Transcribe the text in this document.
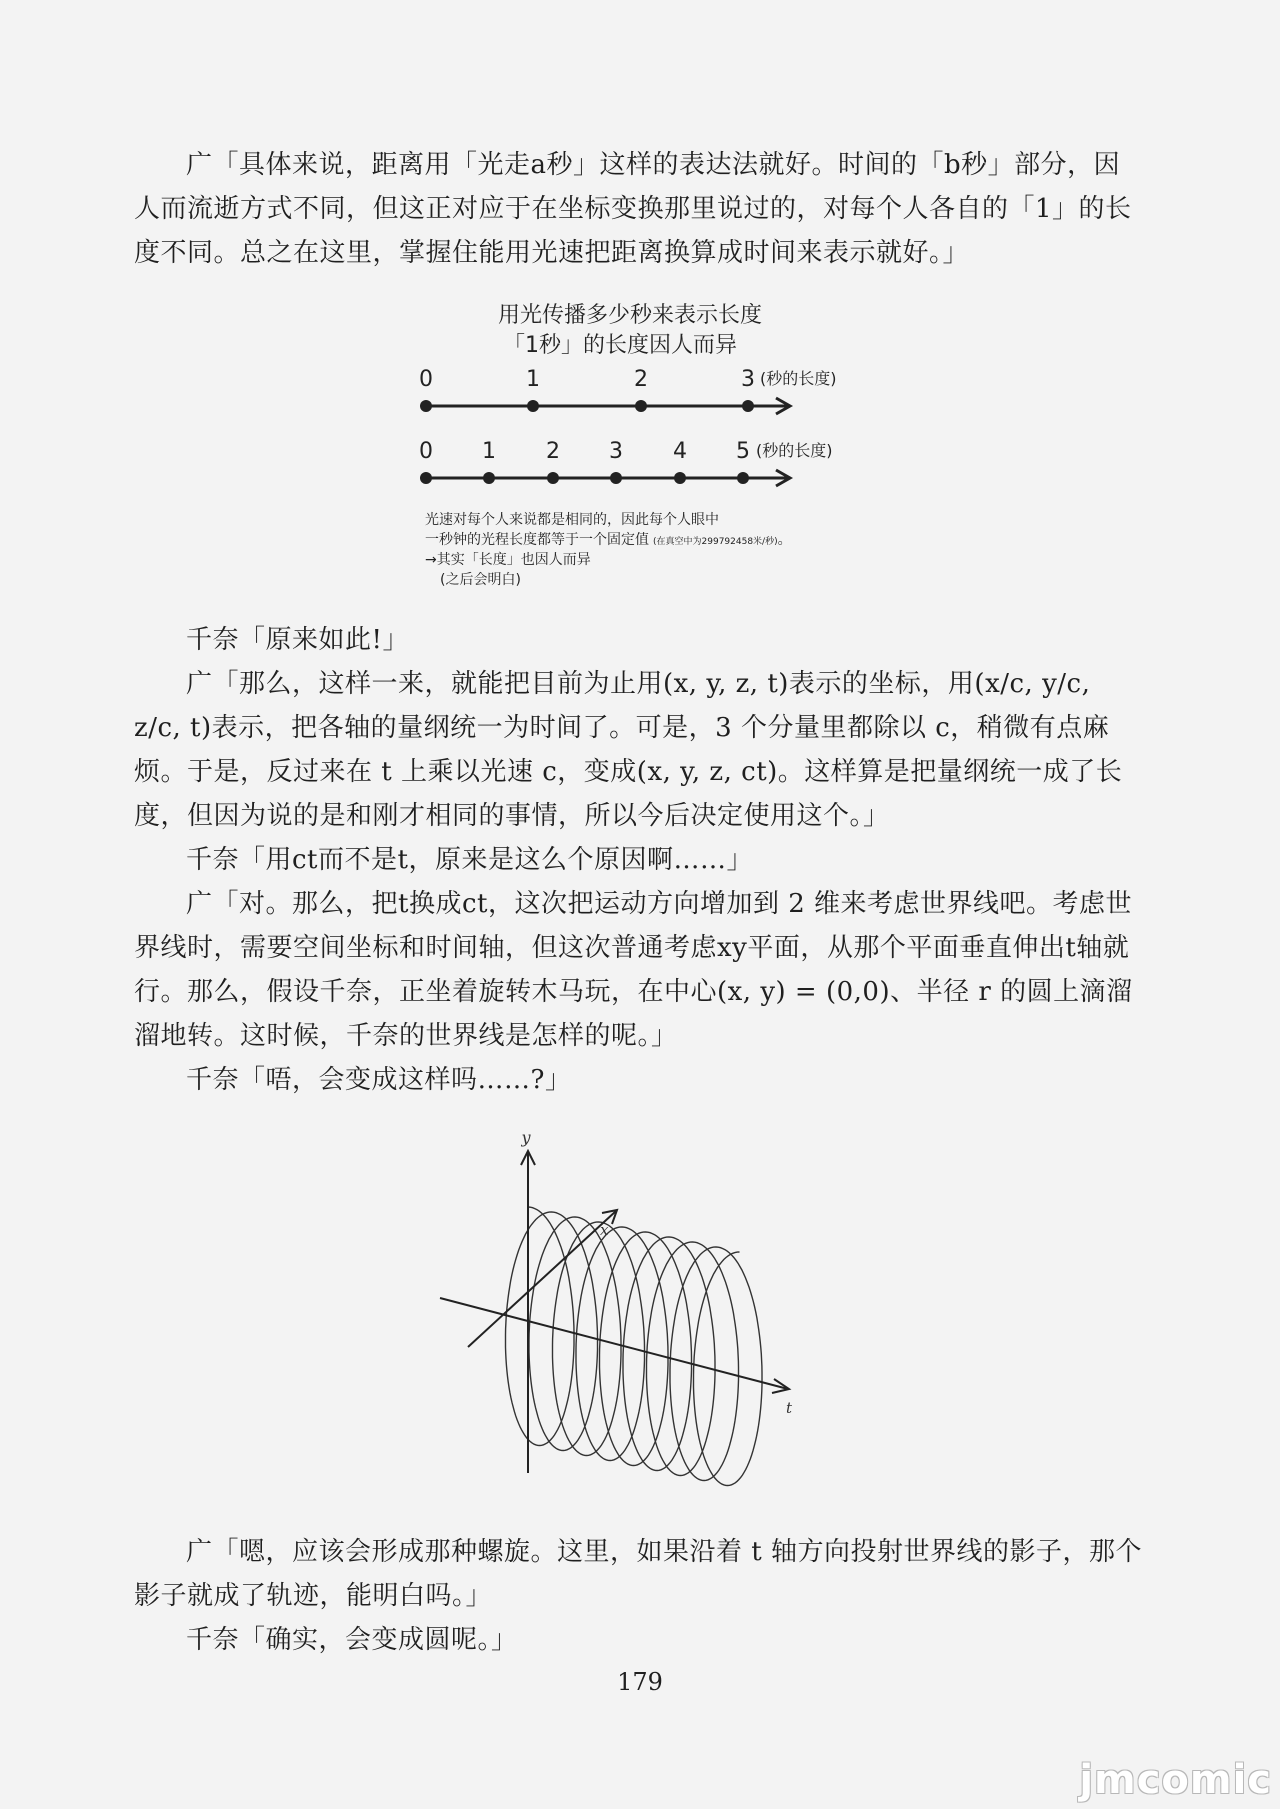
广「具体来说，距离用「光走a秒」这样的表达法就好。时间的「b秒」部分，因人而流逝方式不同，但这正对应于在坐标变换那里说过的，对每个人各自的「1」的长度不同。总之在这里，掌握住能用光速把距离换算成时间来表示就好。」

用光传播多少秒来表示长度
「1秒」的长度因人而异
0	1	2	3 (秒的长度)
0 1 2 3 4 5 (秒的长度)
光速对每个人来说都是相同的，因此每个人眼中
一秒钟的光程长度都等于一个固定值 (在真空中为299792458米/秒)。
→其实「长度」也因人而异
(之后会明白)

千奈「原来如此!」

广「那么，这样一来，就能把目前为止用(x, y, z, t)表示的坐标，用(x/c, y/c, z/c, t)表示，把各轴的量纲统一为时间了。可是，3 个分量里都除以 c，稍微有点麻烦。于是，反过来在 t 上乘以光速 c，变成(x, y, z, ct)。这样算是把量纲统一成了长度，但因为说的是和刚才相同的事情，所以今后决定使用这个。」

千奈「用ct而不是t，原来是这么个原因啊……」

广「对。那么，把t换成ct，这次把运动方向增加到 2 维来考虑世界线吧。考虑世界线时，需要空间坐标和时间轴，但这次普通考虑xy平面，从那个平面垂直伸出t轴就行。那么，假设千奈，正坐着旋转木马玩，在中心(x, y) = (0,0)、半径 r 的圆上滴溜溜地转。这时候，千奈的世界线是怎样的呢。」

千奈「唔，会变成这样吗……?」

y
x
t

广「嗯，应该会形成那种螺旋。这里，如果沿着 t 轴方向投射世界线的影子，那个影子就成了轨迹，能明白吗。」

千奈「确实，会变成圆呢。」

179
jmcomic
